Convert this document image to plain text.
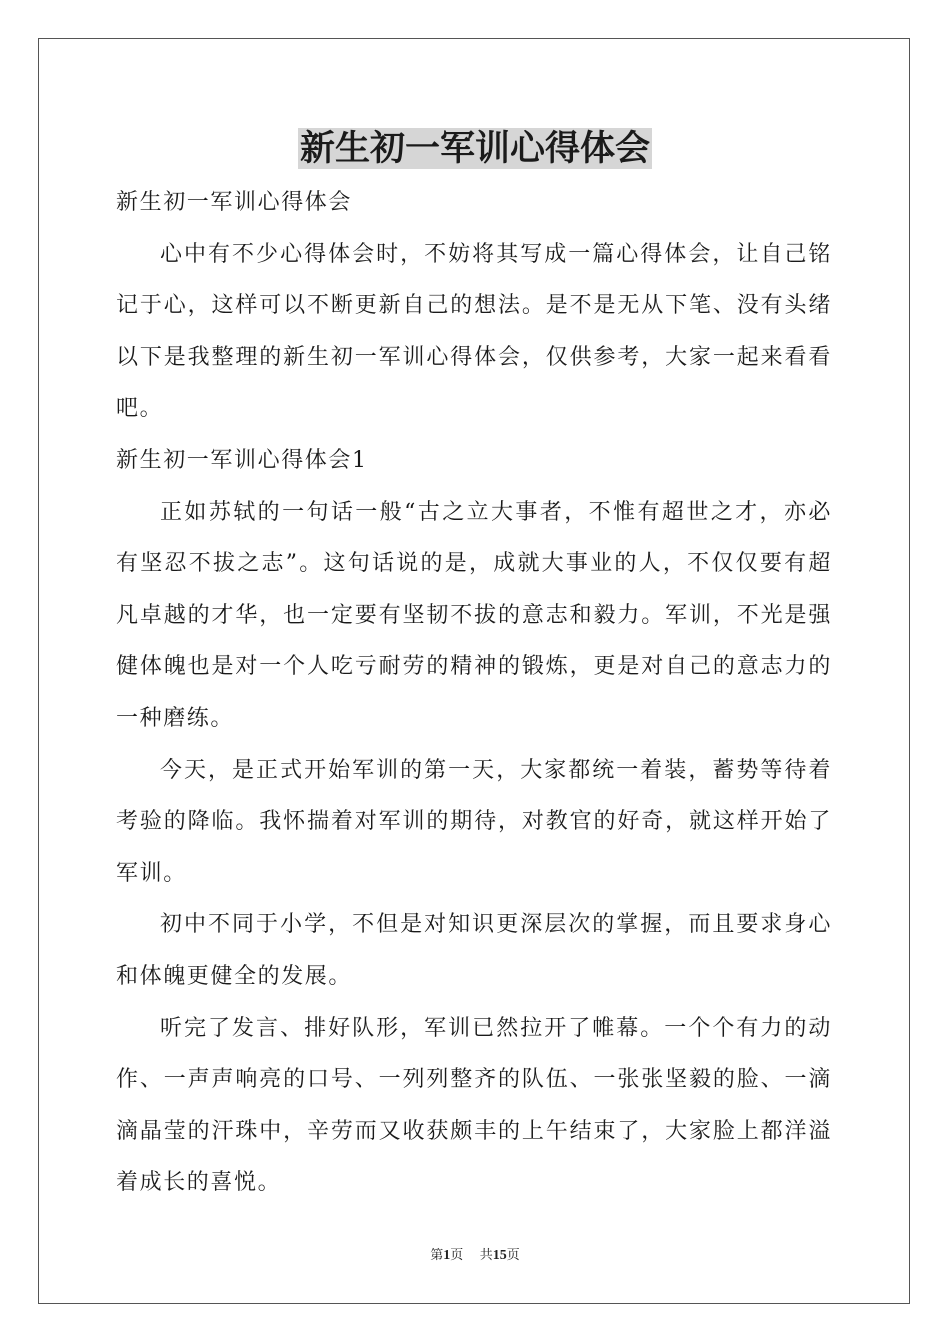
新生初一军训心得体会

新生初一军训心得体会

心中有不少心得体会时，不妨将其写成一篇心得体会，让自己铭记于心，这样可以不断更新自己的想法。是不是无从下笔、没有头绪以下是我整理的新生初一军训心得体会，仅供参考，大家一起来看看吧。

新生初一军训心得体会1

正如苏轼的一句话一般“古之立大事者，不惟有超世之才，亦必有坚忍不拔之志”。这句话说的是，成就大事业的人，不仅仅要有超凡卓越的才华，也一定要有坚韧不拔的意志和毅力。军训，不光是强健体魄也是对一个人吃亏耐劳的精神的锻炼，更是对自己的意志力的一种磨练。

今天，是正式开始军训的第一天，大家都统一着装，蓄势等待着考验的降临。我怀揣着对军训的期待，对教官的好奇，就这样开始了军训。

初中不同于小学，不但是对知识更深层次的掌握，而且要求身心和体魄更健全的发展。

听完了发言、排好队形，军训已然拉开了帷幕。一个个有力的动作、一声声响亮的口号、一列列整齐的队伍、一张张坚毅的脸、一滴滴晶莹的汗珠中，辛劳而又收获颇丰的上午结束了，大家脸上都洋溢着成长的喜悦。

第1页 共15页
